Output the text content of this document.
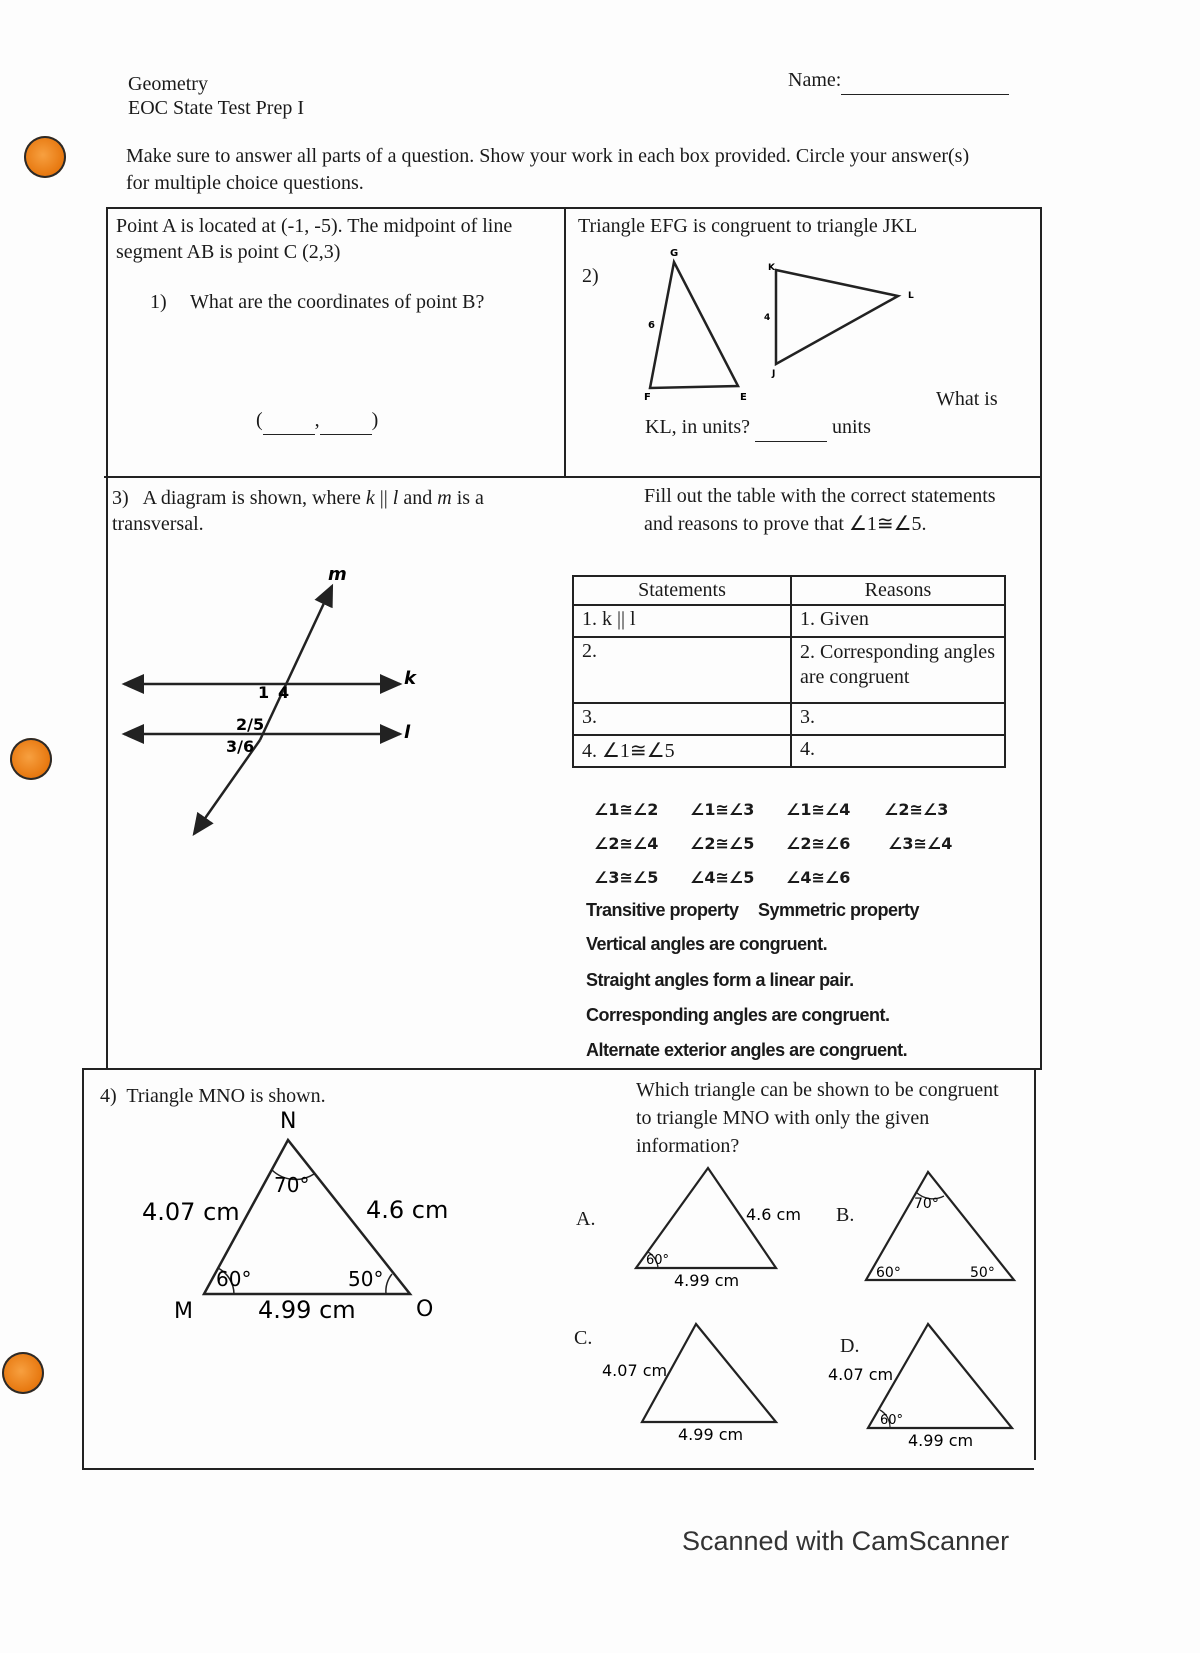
Geometry
EOC State Test Prep I
Name:
Make sure to answer all parts of a question. Show your work in each box provided. Circle your answer(s)
for multiple choice questions.
Point A is located at (-1, -5). The midpoint of line
segment AB is point C (2,3)
1) What are the coordinates of point B?
(	,	)
Triangle EFG is congruent to triangle JKL
2)
G
F	E
6
K
L
J
4
What is
KL, in units?	units
3) A diagram is shown, where k || l and m is a
transversal.
Fill out the table with the correct statements
and reasons to prove that ∠1≅∠5.
m
k
l
1 4
2/5
3/6
Statements	Reasons
1. k || l	1. Given
2.	2. Corresponding angles are congruent
3.	3.
4. ∠1≅∠5	4.
∠1≅∠2 ∠1≅∠3 ∠1≅∠4 ∠2≅∠3
∠2≅∠4 ∠2≅∠5 ∠2≅∠6 ∠3≅∠4
∠3≅∠5 ∠4≅∠5 ∠4≅∠6
Transitive property Symmetric property
Vertical angles are congruent.
Straight angles form a linear pair.
Corresponding angles are congruent.
Alternate exterior angles are congruent.
4) Triangle MNO is shown.	Which triangle can be shown to be congruent
to triangle MNO with only the given
information?
N
M	O
4.07 cm	4.6 cm
4.99 cm
70°
60°	50°
A.
60°
4.6 cm
4.99 cm
B.	70°
60°	50°
C.
4.07 cm
4.99 cm
D.
4.07 cm
60°
4.99 cm
Scanned with CamScanner
